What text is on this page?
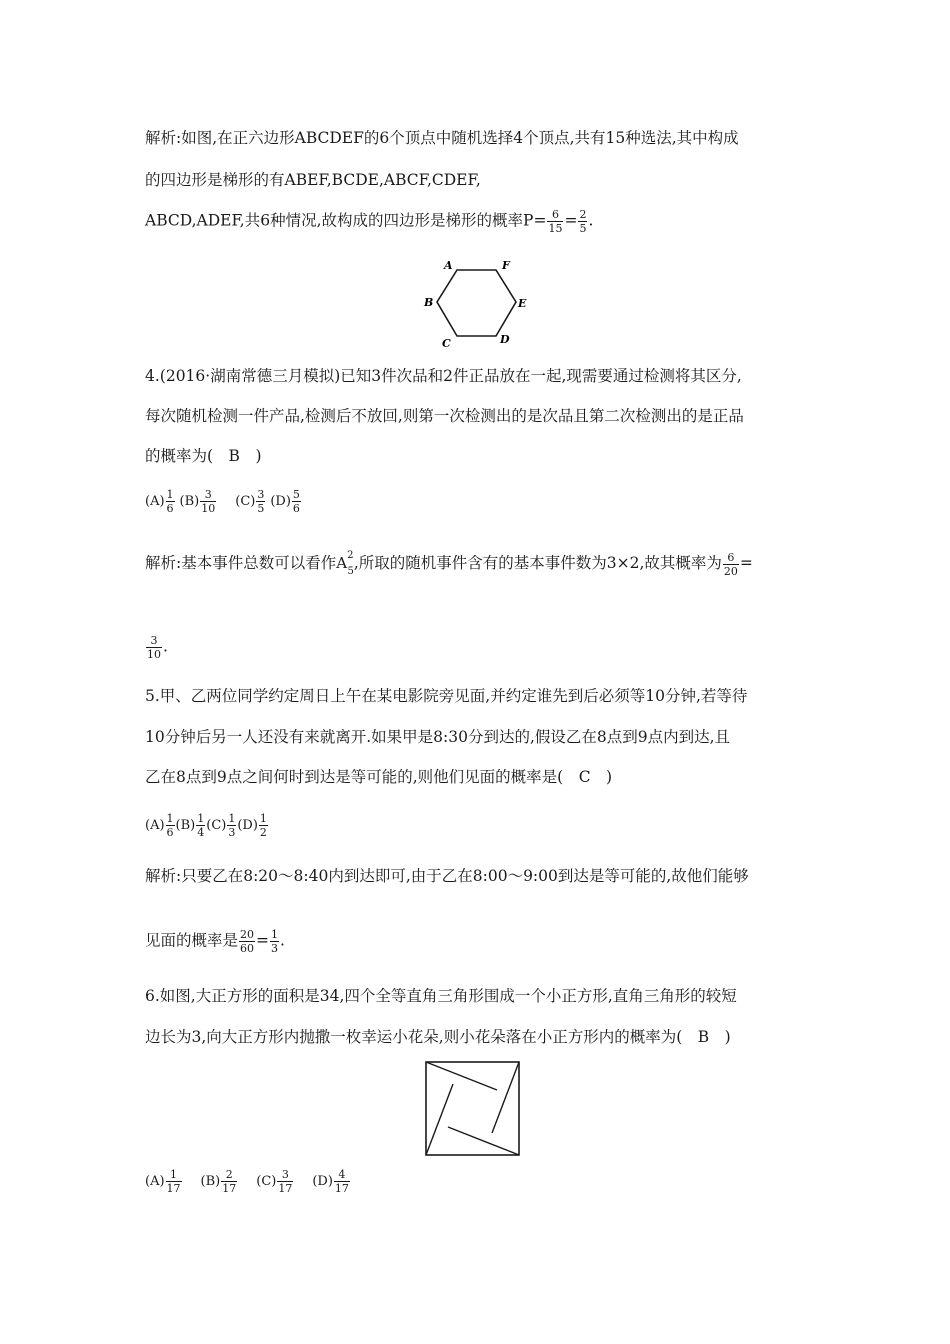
解析:如图,在正六边形ABCDEF的6个顶点中随机选择4个顶点,共有15种选法,其中构成
的四边形是梯形的有ABEF,BCDE,ABCF,CDEF,
ABCD,ADEF,共6种情况,故构成的四边形是梯形的概率$P= \frac{6}{15} = \frac{2}{5}$ .
A	F
B	E
C	D
4.(2016·湖南常德三月模拟)已知3件次品和2件正品放在一起,现需要通过检测将其区分,
每次随机检测一件产品,检测后不放回,则第一次检测出的是次品且第二次检测出的是正品
的概率为(　B　)
$(A) \frac{1}{6} (B) \frac{3}{10} (C) \frac{3}{5} (D) \frac{5}{6}$
解析:基本事件总数可以看作$A^2_5$,所取的随机事件含有的基本事件数为3×2,故其概率为 $\frac{6}{20}$ =
$\frac{3}{10}$ .
5.甲、乙两位同学约定周日上午在某电影院旁见面,并约定谁先到后必须等10分钟,若等待
10分钟后另一人还没有来就离开.如果甲是8:30分到达的,假设乙在8点到9点内到达,且
乙在8点到9点之间何时到达是等可能的,则他们见面的概率是(　C　)
$(A) \frac{1}{6} (B) \frac{1}{4} (C) \frac{1}{3} (D) \frac{1}{2}$
解析:只要乙在8:20～8:40内到达即可,由于乙在8:00～9:00到达是等可能的,故他们能够
见面的概率是 $\frac{20}{60} = \frac{1}{3}$ .
6.如图,大正方形的面积是34,四个全等直角三角形围成一个小正方形,直角三角形的较短
边长为3,向大正方形内抛撒一枚幸运小花朵,则小花朵落在小正方形内的概率为(　B　)
$(A) \frac{1}{17} (B) \frac{2}{17} (C) \frac{3}{17} (D) \frac{4}{17}$
